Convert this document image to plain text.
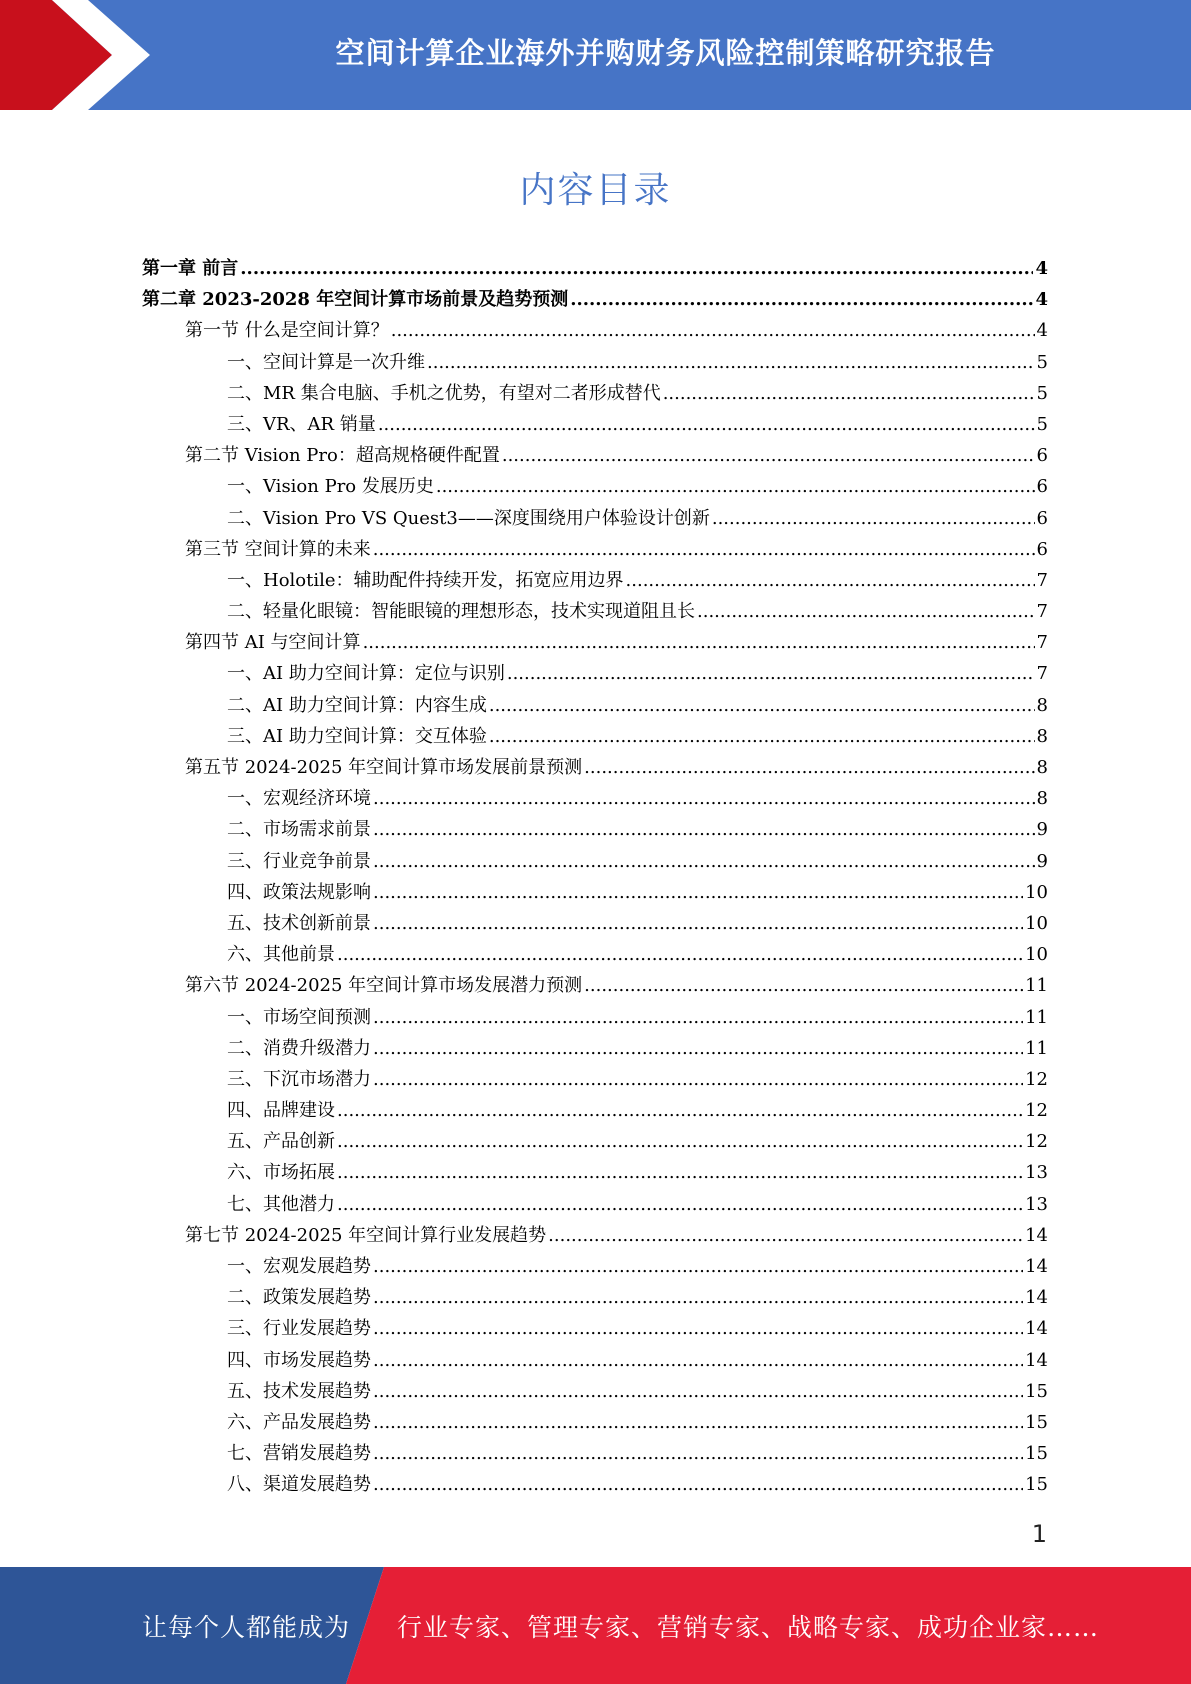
空间计算企业海外并购财务风险控制策略研究报告
内容目录
第一章 前言 .....	4
第二章 2023-2028 年空间计算市场前景及趋势预测 .....	4
第一节 什么是空间计算？ .....	4
一、空间计算是一次升维 .....	5
二、MR 集合电脑、手机之优势，有望对二者形成替代 .....	5
三、VR、AR 销量 .....	5
第二节 Vision Pro：超高规格硬件配置 .....	6
一、Vision Pro 发展历史 .....	6
二、Vision Pro VS Quest3——深度围绕用户体验设计创新 .....	6
第三节 空间计算的未来 .....	6
一、Holotile：辅助配件持续开发，拓宽应用边界 .....	7
二、轻量化眼镜：智能眼镜的理想形态，技术实现道阻且长 .....	7
第四节 AI 与空间计算 .....	7
一、AI 助力空间计算：定位与识别 .....	7
二、AI 助力空间计算：内容生成 .....	8
三、AI 助力空间计算：交互体验 .....	8
第五节 2024-2025 年空间计算市场发展前景预测 .....	8
一、宏观经济环境 .....	8
二、市场需求前景 .....	9
三、行业竞争前景 .....	9
四、政策法规影响 .....	10
五、技术创新前景 .....	10
六、其他前景 .....	10
第六节 2024-2025 年空间计算市场发展潜力预测 .....	11
一、市场空间预测 .....	11
二、消费升级潜力 .....	11
三、下沉市场潜力 .....	12
四、品牌建设 .....	12
五、产品创新 .....	12
六、市场拓展 .....	13
七、其他潜力 .....	13
第七节 2024-2025 年空间计算行业发展趋势 .....	14
一、宏观发展趋势 .....	14
二、政策发展趋势 .....	14
三、行业发展趋势 .....	14
四、市场发展趋势 .....	14
五、技术发展趋势 .....	15
六、产品发展趋势 .....	15
七、营销发展趋势 .....	15
八、渠道发展趋势 .....	15
1
让每个人都能成为 行业专家、管理专家、营销专家、战略专家、成功企业家……
